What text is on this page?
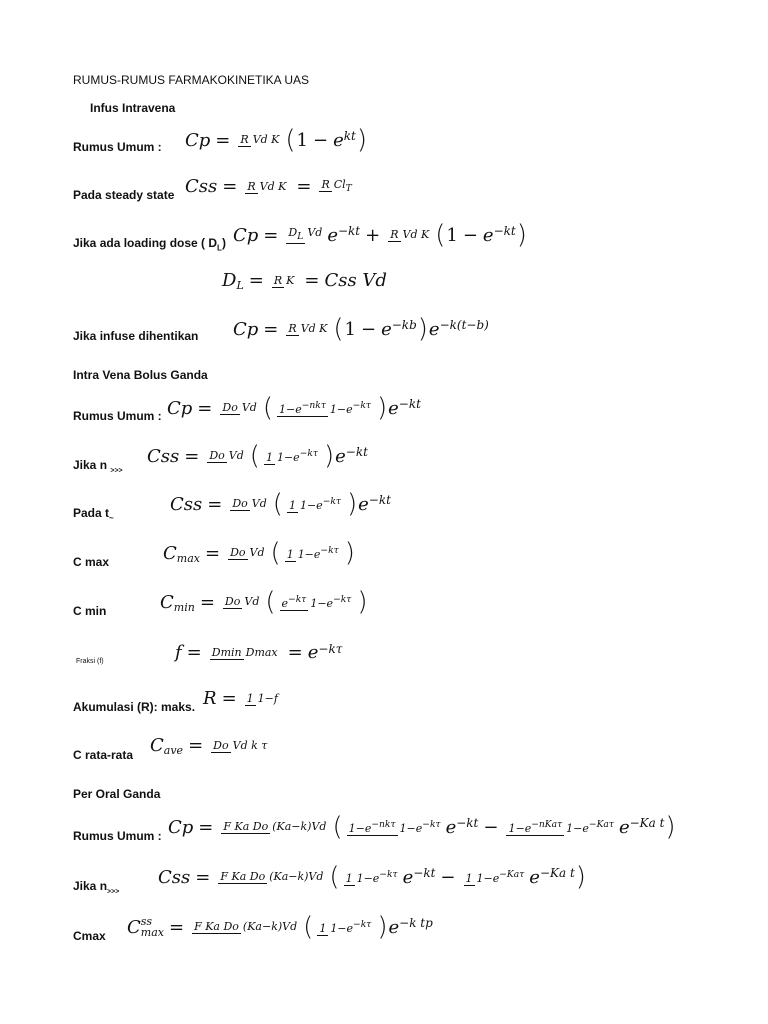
RUMUS-RUMUS FARMAKOKINETIKA UAS
Infus Intravena
Rumus Umum : Cp = R Vd K ( 1 − e kt )
Pada steady state Css = R Vd K = R $Cl_T$
Jika ada loading dose ( $D_L$) $Cp = D_L$ Vd e −kt + R Vd K ( 1 − e −kt )
D L = R K = Css Vd
Jika infuse dihentikan Cp = R Vd K ( 1 − e −kb ) e −k(t−b)
Intra Vena Bolus Ganda
Rumus Umum : Cp = Do Vd ( $1-e^{-nk\tau}$ $1-e^{-k\tau}$ ) e −kt
Jika n $_{>>>}$
Css = Do Vd ( 1 $1-e^{-k\tau}$ ) e −kt
Pada $t_\sim$
Css = Do Vd ( 1 $1-e^{-k\tau}$ ) e −kt
C max	C max = Do Vd ( 1 $1-e^{-k\tau}$ )
C min	C min = Do Vd ( $e^{-k\tau}$ $1-e^{-k\tau}$ )
Fraksi (f)	f = Dmin Dmax = e −kτ
Akumulasi (R): maks. R = 1 1−f
C rata-rata C ave = Do Vd k τ
Per Oral Ganda
Rumus Umum : Cp = F Ka Do (Ka−k)Vd ( $1-e^{-nk\tau}$ $1-e^{-k\tau}$ $e -kt - 1-e^{-nKa\tau}$ $1-e^{-Ka\tau}$ e −Ka t )
Jika $n_{>>>}$
Css = F Ka Do (Ka−k)Vd ( 1 $1-e^{-k\tau}$ e −kt − 1 $1-e^{-Ka\tau}$ e −Ka t )
Cmax C ss
max = F Ka Do (Ka−k)Vd ( 1 $1-e^{-k\tau}$ ) e −k tp
